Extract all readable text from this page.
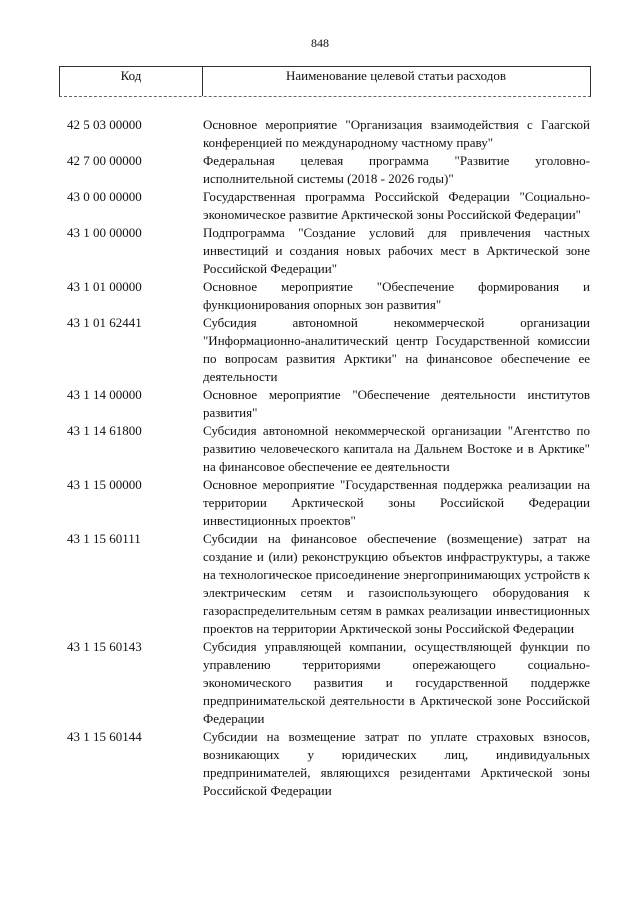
848
Код	Наименование целевой статьи расходов
42 5 03 00000	Основное мероприятие "Организация взаимодействия с Гаагской конференцией по международному частному праву"
42 7 00 00000	Федеральная целевая программа "Развитие уголовно-исполнительной системы (2018 - 2026 годы)"
43 0 00 00000	Государственная программа Российской Федерации "Социально-экономическое развитие Арктической зоны Российской Федерации"
43 1 00 00000	Подпрограмма "Создание условий для привлечения частных инвестиций и создания новых рабочих мест в Арктической зоне Российской Федерации"
43 1 01 00000	Основное мероприятие "Обеспечение формирования и функционирования опорных зон развития"
43 1 01 62441	Субсидия автономной некоммерческой организации "Информационно-аналитический центр Государственной комиссии по вопросам развития Арктики" на финансовое обеспечение ее деятельности
43 1 14 00000	Основное мероприятие "Обеспечение деятельности институтов развития"
43 1 14 61800	Субсидия автономной некоммерческой организации "Агентство по развитию человеческого капитала на Дальнем Востоке и в Арктике" на финансовое обеспечение ее деятельности
43 1 15 00000	Основное мероприятие "Государственная поддержка реализации на территории Арктической зоны Российской Федерации инвестиционных проектов"
43 1 15 60111	Субсидии на финансовое обеспечение (возмещение) затрат на создание и (или) реконструкцию объектов инфраструктуры, а также на технологическое присоединение энергопринимающих устройств к электрическим сетям и газоиспользующего оборудования к газораспределительным сетям в рамках реализации инвестиционных проектов на территории Арктической зоны Российской Федерации
43 1 15 60143	Субсидия управляющей компании, осуществляющей функции по управлению территориями опережающего социально-экономического развития и государственной поддержке предпринимательской деятельности в Арктической зоне Российской Федерации
43 1 15 60144	Субсидии на возмещение затрат по уплате страховых взносов, возникающих у юридических лиц, индивидуальных предпринимателей, являющихся резидентами Арктической зоны Российской Федерации
